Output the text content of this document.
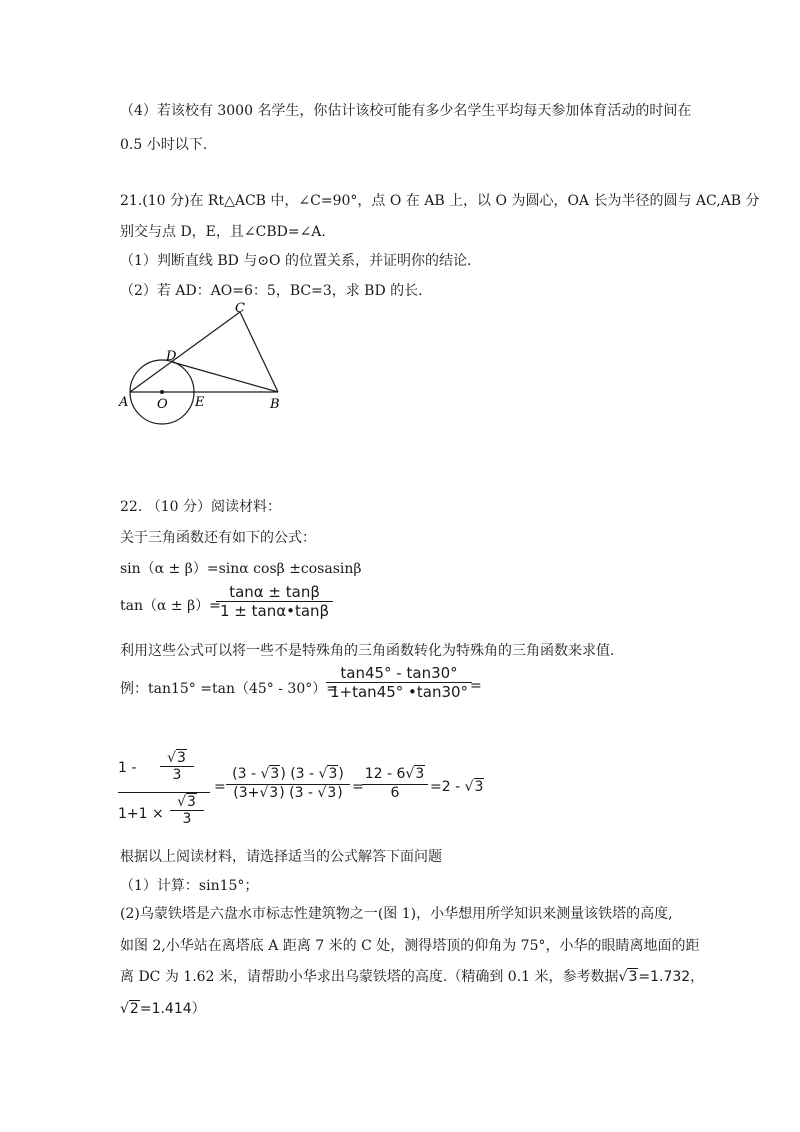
（4）若该校有 3000 名学生，你估计该校可能有多少名学生平均每天参加体育活动的时间在
0.5 小时以下.
21.(10 分)在 Rt△ACB 中，∠C=90°，点 O 在 AB 上，以 O 为圆心，OA 长为半径的圆与 AC,AB 分
别交与点 D，E，且∠CBD=∠A.
（1）判断直线 BD 与⊙O 的位置关系，并证明你的结论.
（2）若 AD：AO=6：5，BC=3，求 BD 的长.
A O E	B
C
D
22. （10 分）阅读材料：
关于三角函数还有如下的公式：
sin（α ± β）=sinα cosβ ±cosasinβ
tan（α ± β）=
tanα ± tanβ
1 ± tanα•tanβ
利用这些公式可以将一些不是特殊角的三角函数转化为特殊角的三角函数来求值.
例：tan15° =tan（45° - 30°）=
tan45° - tan30°
1+tan45° •tan30° =
1 -
√3
3
1+1 ×
√3
3
=
(3 - √3) (3 - √3)
(3+√3) (3 - √3) =
12 - 6√3
6	=2 - √3
根据以上阅读材料，请选择适当的公式解答下面问题
（1）计算：sin15°；
(2)乌蒙铁塔是六盘水市标志性建筑物之一(图 1)，小华想用所学知识来测量该铁塔的高度,
如图 2,小华站在离塔底 A 距离 7 米的 C 处，测得塔顶的仰角为 75°，小华的眼睛离地面的距
离 DC 为 1.62 米，请帮助小华求出乌蒙铁塔的高度.（精确到 0.1 米，参考数据√3=1.732，
√2=1.414）
